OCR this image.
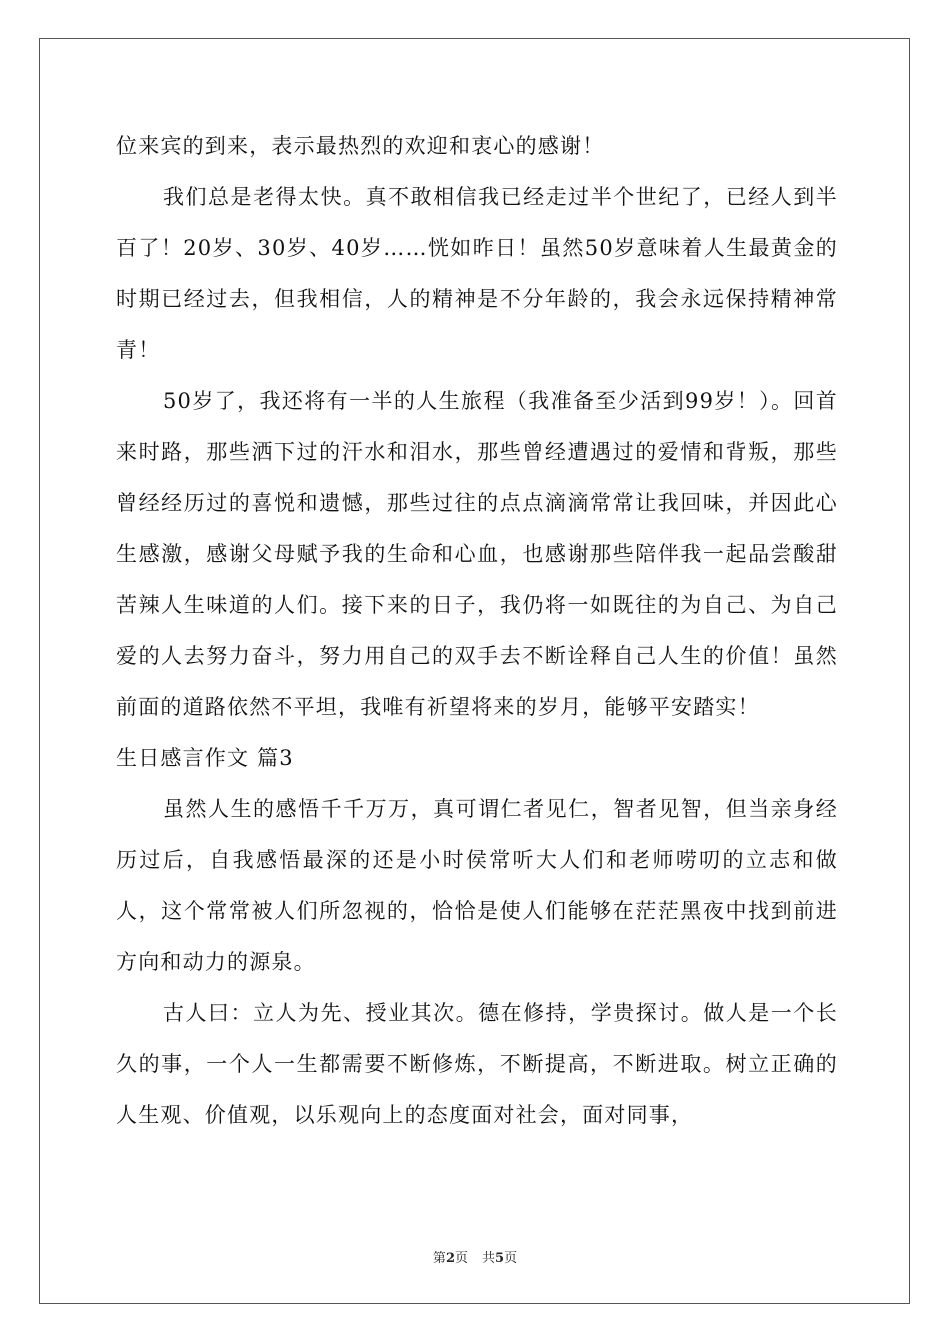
位来宾的到来，表示最热烈的欢迎和衷心的感谢！

我们总是老得太快。真不敢相信我已经走过半个世纪了，已经人到半百了！20岁、30岁、40岁……恍如昨日！虽然50岁意味着人生最黄金的时期已经过去，但我相信，人的精神是不分年龄的，我会永远保持精神常青！

50岁了，我还将有一半的人生旅程（我准备至少活到99岁！）。回首来时路，那些洒下过的汗水和泪水，那些曾经遭遇过的爱情和背叛，那些曾经经历过的喜悦和遗憾，那些过往的点点滴滴常常让我回味，并因此心生感激，感谢父母赋予我的生命和心血，也感谢那些陪伴我一起品尝酸甜苦辣人生味道的人们。接下来的日子，我仍将一如既往的为自己、为自己爱的人去努力奋斗，努力用自己的双手去不断诠释自己人生的价值！虽然前面的道路依然不平坦，我唯有祈望将来的岁月，能够平安踏实！

生日感言作文 篇3

虽然人生的感悟千千万万，真可谓仁者见仁，智者见智，但当亲身经历过后，自我感悟最深的还是小时侯常听大人们和老师唠叨的立志和做人，这个常常被人们所忽视的，恰恰是使人们能够在茫茫黑夜中找到前进方向和动力的源泉。

古人曰：立人为先、授业其次。德在修持，学贵探讨。做人是一个长久的事，一个人一生都需要不断修炼，不断提高，不断进取。树立正确的人生观、价值观，以乐观向上的态度面对社会，面对同事，

第2页 共5页
